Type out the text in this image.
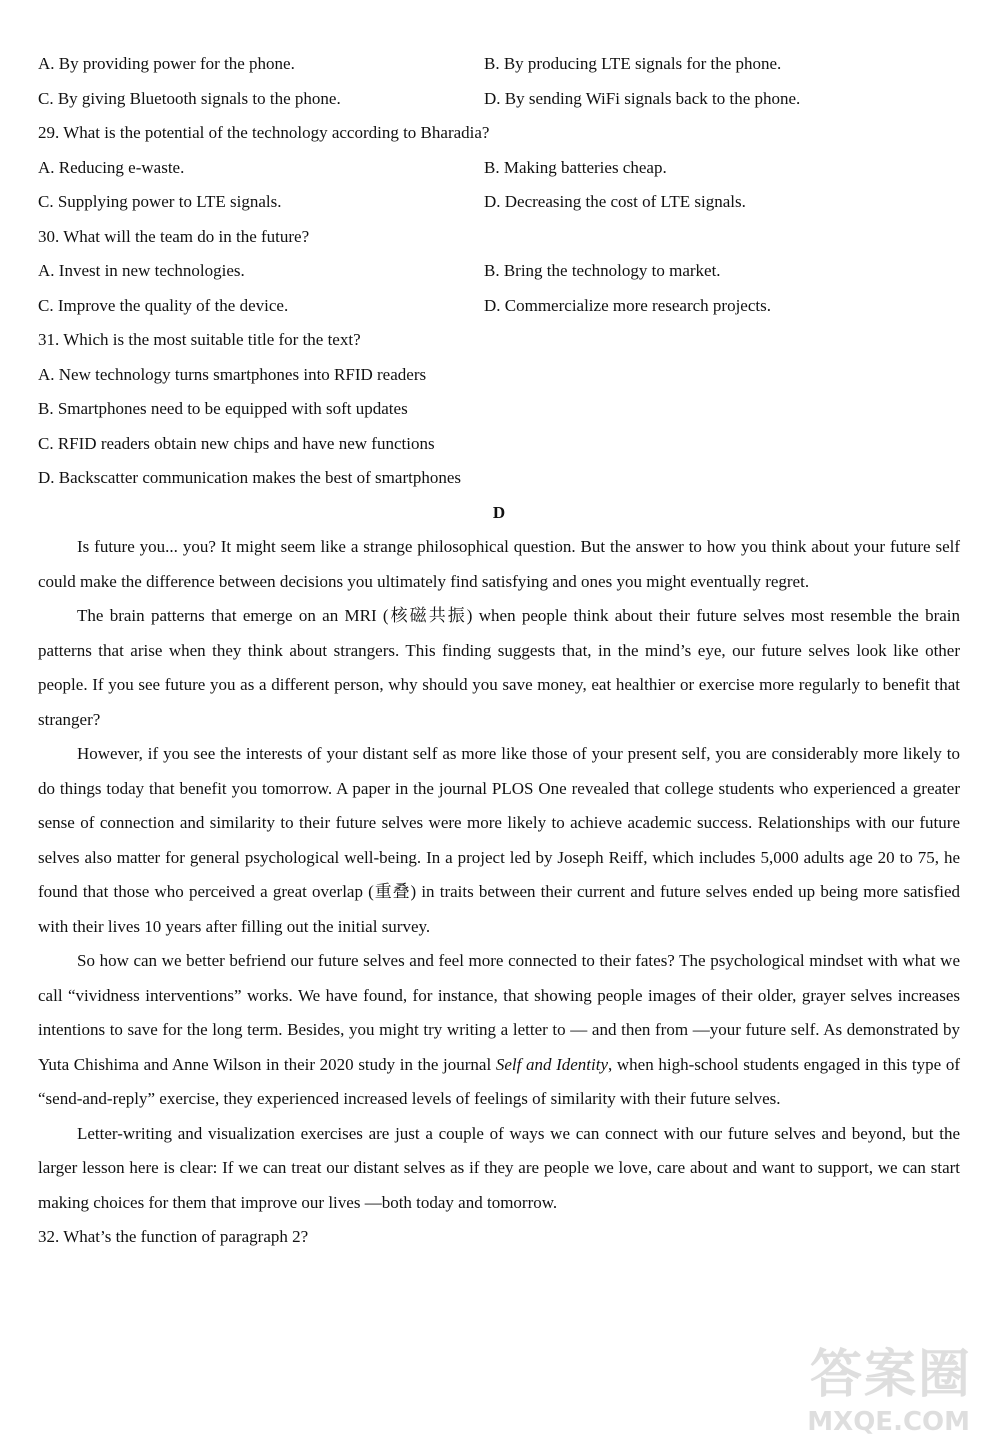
A. By providing power for the phone.	B. By producing LTE signals for the phone.
C. By giving Bluetooth signals to the phone.	D. By sending WiFi signals back to the phone.
29. What is the potential of the technology according to Bharadia?
A. Reducing e-waste.	B. Making batteries cheap.
C. Supplying power to LTE signals.	D. Decreasing the cost of LTE signals.
30. What will the team do in the future?
A. Invest in new technologies.	B. Bring the technology to market.
C. Improve the quality of the device.	D. Commercialize more research projects.
31. Which is the most suitable title for the text?
A. New technology turns smartphones into RFID readers
B. Smartphones need to be equipped with soft updates
C. RFID readers obtain new chips and have new functions
D. Backscatter communication makes the best of smartphones
D

Is future you... you? It might seem like a strange philosophical question. But the answer to how you think about your future self could make the difference between decisions you ultimately find satisfying and ones you might eventually regret.

The brain patterns that emerge on an MRI (核磁共振) when people think about their future selves most resemble the brain patterns that arise when they think about strangers. This finding suggests that, in the mind’s eye, our future selves look like other people. If you see future you as a different person, why should you save money, eat healthier or exercise more regularly to benefit that stranger?

However, if you see the interests of your distant self as more like those of your present self, you are considerably more likely to do things today that benefit you tomorrow. A paper in the journal PLOS One revealed that college students who experienced a greater sense of connection and similarity to their future selves were more likely to achieve academic success. Relationships with our future selves also matter for general psychological well-being. In a project led by Joseph Reiff, which includes 5,000 adults age 20 to 75, he found that those who perceived a great overlap (重叠) in traits between their current and future selves ended up being more satisfied with their lives 10 years after filling out the initial survey.

So how can we better befriend our future selves and feel more connected to their fates? The psychological mindset with what we call “vividness interventions” works. We have found, for instance, that showing people images of their older, grayer selves increases intentions to save for the long term. Besides, you might try writing a letter to — and then from —your future self. As demonstrated by Yuta Chishima and Anne Wilson in their 2020 study in the journal Self and Identity, when high-school students engaged in this type of “send-and-reply” exercise, they experienced increased levels of feelings of similarity with their future selves.

Letter-writing and visualization exercises are just a couple of ways we can connect with our future selves and beyond, but the larger lesson here is clear: If we can treat our distant selves as if they are people we love, care about and want to support, we can start making choices for them that improve our lives —both today and tomorrow.

32. What’s the function of paragraph 2?
答案圈
MXQE.COM
